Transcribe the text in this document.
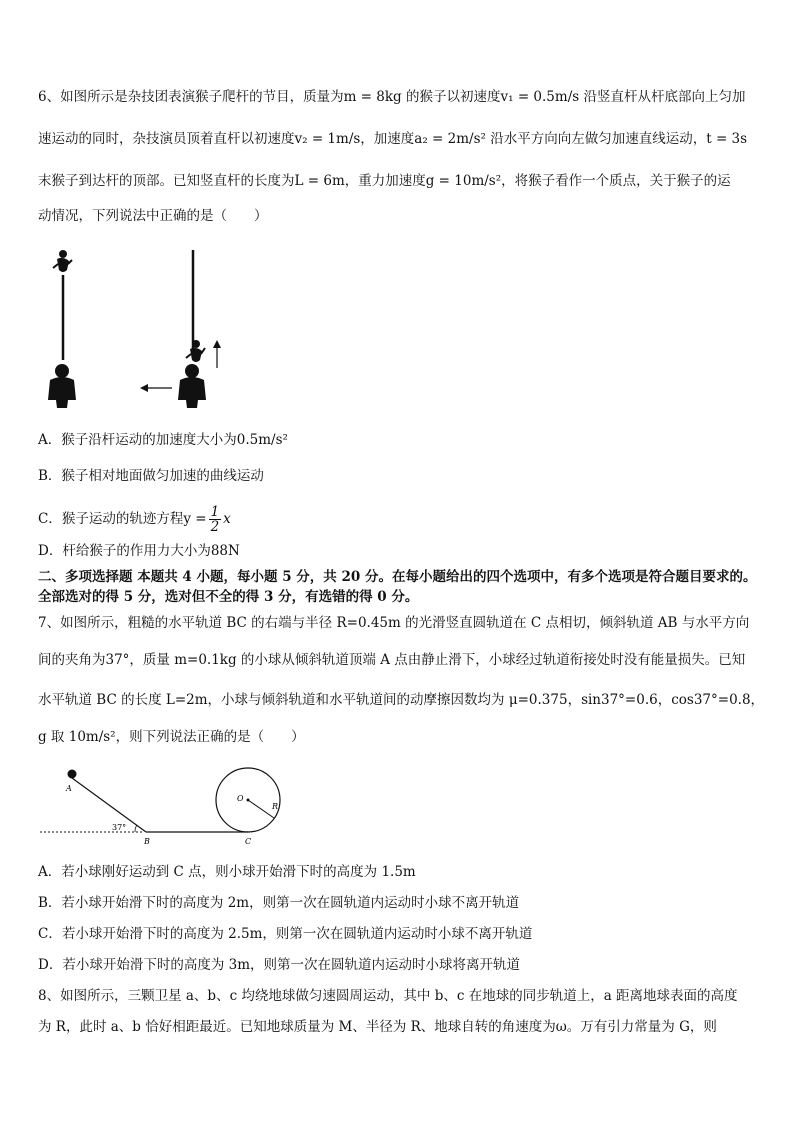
6、如图所示是杂技团表演猴子爬杆的节目，质量为m = 8kg 的猴子以初速度v₁ = 0.5m/s 沿竖直杆从杆底部向上匀加
速运动的同时，杂技演员顶着直杆以初速度v₂ = 1m/s，加速度a₂ = 2m/s² 沿水平方向向左做匀加速直线运动，t = 3s
末猴子到达杆的顶部。已知竖直杆的长度为L = 6m，重力加速度g = 10m/s²，将猴子看作一个质点，关于猴子的运
动情况，下列说法中正确的是（　　）
A．猴子沿杆运动的加速度大小为0.5m/s²
B．猴子相对地面做匀加速的曲线运动
C．猴子运动的轨迹方程$y = \frac{1}{2}$ x
D．杆给猴子的作用力大小为88N
二、多项选择题 本题共 4 小题，每小题 5 分，共 20 分。在每小题给出的四个选项中，有多个选项是符合题目要求的。
全部选对的得 5 分，选对但不全的得 3 分，有选错的得 0 分。
7、如图所示，粗糙的水平轨道 BC 的右端与半径 R=0.45m 的光滑竖直圆轨道在 C 点相切，倾斜轨道 AB 与水平方向
间的夹角为37°，质量 m=0.1kg 的小球从倾斜轨道顶端 A 点由静止滑下，小球经过轨道衔接处时没有能量损失。已知
水平轨道 BC 的长度 L=2m，小球与倾斜轨道和水平轨道间的动摩擦因数均为 μ=0.375，sin37°=0.6，cos37°=0.8，
g 取 10m/s²，则下列说法正确的是（　　）
A
B	C
O
R
37°
A．若小球刚好运动到 C 点，则小球开始滑下时的高度为 1.5m
B．若小球开始滑下时的高度为 2m，则第一次在圆轨道内运动时小球不离开轨道
C．若小球开始滑下时的高度为 2.5m，则第一次在圆轨道内运动时小球不离开轨道
D．若小球开始滑下时的高度为 3m，则第一次在圆轨道内运动时小球将离开轨道
8、如图所示，三颗卫星 a、b、c 均绕地球做匀速圆周运动，其中 b、c 在地球的同步轨道上，a 距离地球表面的高度
为 R，此时 a、b 恰好相距最近。已知地球质量为 M、半径为 R、地球自转的角速度为ω。万有引力常量为 G，则
